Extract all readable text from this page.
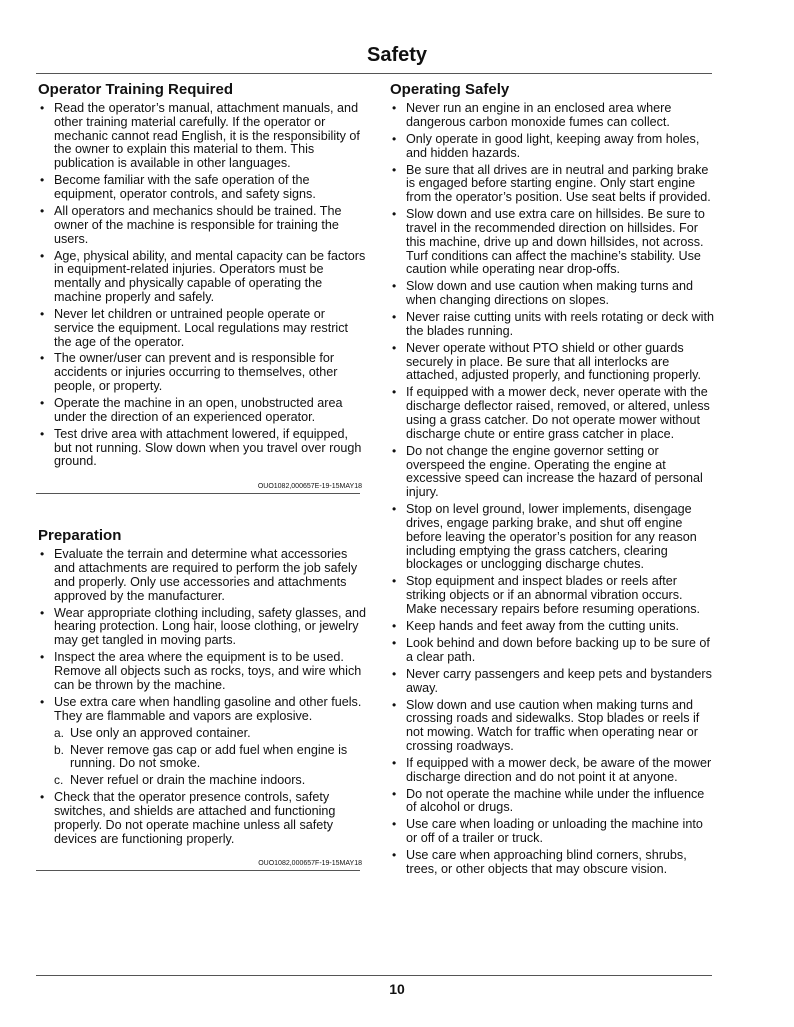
Safety
Operator Training Required
• Read the operator’s manual, attachment manuals, and other training material carefully. If the operator or mechanic cannot read English, it is the responsibility of the owner to explain this material to them. This publication is available in other languages.
• Become familiar with the safe operation of the equipment, operator controls, and safety signs.
• All operators and mechanics should be trained. The owner of the machine is responsible for training the users.
• Age, physical ability, and mental capacity can be factors in equipment-related injuries. Operators must be mentally and physically capable of operating the machine properly and safely.
• Never let children or untrained people operate or service the equipment. Local regulations may restrict the age of the operator.
• The owner/user can prevent and is responsible for accidents or injuries occurring to themselves, other people, or property.
• Operate the machine in an open, unobstructed area under the direction of an experienced operator.
• Test drive area with attachment lowered, if equipped, but not running. Slow down when you travel over rough ground.
OUO1082,000657E-19-15MAY18
Preparation
• Evaluate the terrain and determine what accessories and attachments are required to perform the job safely and properly. Only use accessories and attachments approved by the manufacturer.
• Wear appropriate clothing including, safety glasses, and hearing protection. Long hair, loose clothing, or jewelry may get tangled in moving parts.
• Inspect the area where the equipment is to be used. Remove all objects such as rocks, toys, and wire which can be thrown by the machine.
• Use extra care when handling gasoline and other fuels. They are flammable and vapors are explosive.
a. Use only an approved container.
b. Never remove gas cap or add fuel when engine is running. Do not smoke.
c. Never refuel or drain the machine indoors.
• Check that the operator presence controls, safety switches, and shields are attached and functioning properly. Do not operate machine unless all safety devices are functioning properly.
OUO1082,000657F-19-15MAY18
Operating Safely
• Never run an engine in an enclosed area where dangerous carbon monoxide fumes can collect.
• Only operate in good light, keeping away from holes, and hidden hazards.
• Be sure that all drives are in neutral and parking brake is engaged before starting engine. Only start engine from the operator’s position. Use seat belts if provided.
• Slow down and use extra care on hillsides. Be sure to travel in the recommended direction on hillsides. For this machine, drive up and down hillsides, not across. Turf conditions can affect the machine’s stability. Use caution while operating near drop-offs.
• Slow down and use caution when making turns and when changing directions on slopes.
• Never raise cutting units with reels rotating or deck with the blades running.
• Never operate without PTO shield or other guards securely in place. Be sure that all interlocks are attached, adjusted properly, and functioning properly.
• If equipped with a mower deck, never operate with the discharge deflector raised, removed, or altered, unless using a grass catcher. Do not operate mower without discharge chute or entire grass catcher in place.
• Do not change the engine governor setting or overspeed the engine. Operating the engine at excessive speed can increase the hazard of personal injury.
• Stop on level ground, lower implements, disengage drives, engage parking brake, and shut off engine before leaving the operator’s position for any reason including emptying the grass catchers, clearing blockages or unclogging discharge chutes.
• Stop equipment and inspect blades or reels after striking objects or if an abnormal vibration occurs. Make necessary repairs before resuming operations.
• Keep hands and feet away from the cutting units.
• Look behind and down before backing up to be sure of a clear path.
• Never carry passengers and keep pets and bystanders away.
• Slow down and use caution when making turns and crossing roads and sidewalks. Stop blades or reels if not mowing. Watch for traffic when operating near or crossing roadways.
• If equipped with a mower deck, be aware of the mower discharge direction and do not point it at anyone.
• Do not operate the machine while under the influence of alcohol or drugs.
• Use care when loading or unloading the machine into or off of a trailer or truck.
• Use care when approaching blind corners, shrubs, trees, or other objects that may obscure vision.
10
